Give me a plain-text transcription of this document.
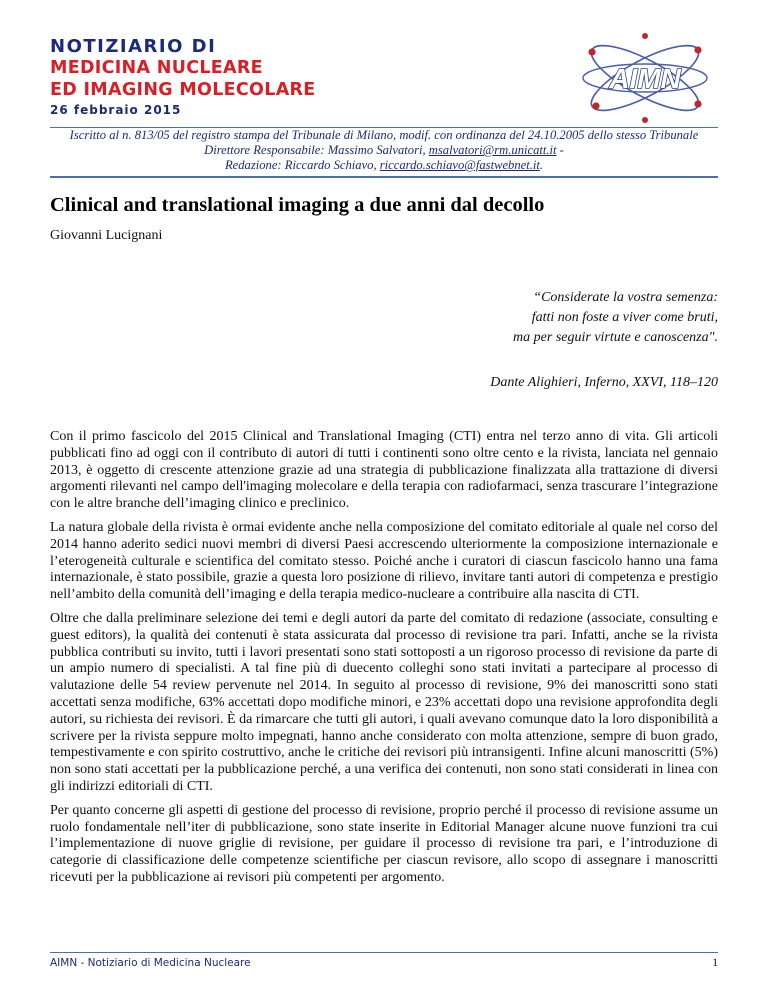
NOTIZIARIO DI
MEDICINA NUCLEARE
ED IMAGING MOLECOLARE
26 febbraio 2015
AIMN
Iscritto al n. 813/05 del registro stampa del Tribunale di Milano, modif. con ordinanza del 24.10.2005 dello stesso Tribunale
Direttore Responsabile: Massimo Salvatori, msalvatori@rm.unicatt.it -
Redazione: Riccardo Schiavo, riccardo.schiavo@fastwebnet.it.
Clinical and translational imaging a due anni dal decollo
Giovanni Lucignani
“Considerate la vostra semenza:
fatti non foste a viver come bruti,
ma per seguir virtute e canoscenza".
Dante Alighieri, Inferno, XXVI, 118–120

Con il primo fascicolo del 2015 Clinical and Translational Imaging (CTI) entra nel terzo anno di vita. Gli articoli pubblicati fino ad oggi con il contributo di autori di tutti i continenti sono oltre cento e la rivista, lanciata nel gennaio 2013, è oggetto di crescente attenzione grazie ad una strategia di pubblicazione finalizzata alla trattazione di diversi argomenti rilevanti nel campo dell'imaging molecolare e della terapia con radiofarmaci, senza trascurare l’integrazione con le altre branche dell’imaging clinico e preclinico.

La natura globale della rivista è ormai evidente anche nella composizione del comitato editoriale al quale nel corso del 2014 hanno aderito sedici nuovi membri di diversi Paesi accrescendo ulteriormente la composizione internazionale e l’eterogeneità culturale e scientifica del comitato stesso. Poiché anche i curatori di ciascun fascicolo hanno una fama internazionale, è stato possibile, grazie a questa loro posizione di rilievo, invitare tanti autori di competenza e prestigio nell’ambito della comunità dell’imaging e della terapia medico-nucleare a contribuire alla nascita di CTI.

Oltre che dalla preliminare selezione dei temi e degli autori da parte del comitato di redazione (associate, consulting e guest editors), la qualità dei contenuti è stata assicurata dal processo di revisione tra pari. Infatti, anche se la rivista pubblica contributi su invito, tutti i lavori presentati sono stati sottoposti a un rigoroso processo di revisione da parte di un ampio numero di specialisti. A tal fine più di duecento colleghi sono stati invitati a partecipare al processo di valutazione delle 54 review pervenute nel 2014. In seguito al processo di revisione, 9% dei manoscritti sono stati accettati senza modifiche, 63% accettati dopo modifiche minori, e 23% accettati dopo una revisione approfondita degli autori, su richiesta dei revisori. È da rimarcare che tutti gli autori, i quali avevano comunque dato la loro disponibilità a scrivere per la rivista seppure molto impegnati, hanno anche considerato con molta attenzione, sempre di buon grado, tempestivamente e con spirito costruttivo, anche le critiche dei revisori più intransigenti. Infine alcuni manoscritti (5%) non sono stati accettati per la pubblicazione perché, a una verifica dei contenuti, non sono stati considerati in linea con gli indirizzi editoriali di CTI.

Per quanto concerne gli aspetti di gestione del processo di revisione, proprio perché il processo di revisione assume un ruolo fondamentale nell’iter di pubblicazione, sono state inserite in Editorial Manager alcune nuove funzioni tra cui l’implementazione di nuove griglie di revisione, per guidare il processo di revisione tra pari, e l’introduzione di categorie di classificazione delle competenze scientifiche per ciascun revisore, allo scopo di assegnare i manoscritti ricevuti per la pubblicazione ai revisori più competenti per argomento.

AIMN - Notiziario di Medicina Nucleare	1
